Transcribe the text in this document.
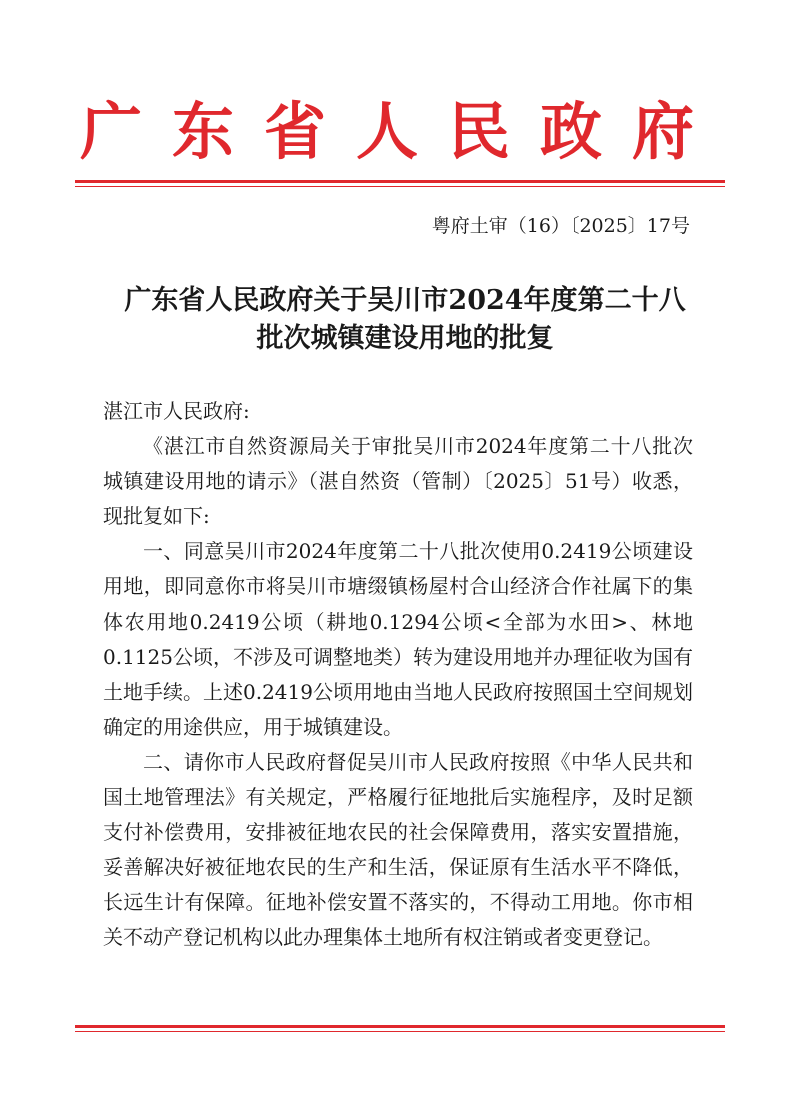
广东省人民政府
粤府土审（16）〔2025〕17号
广东省人民政府关于吴川市2024年度第二十八
批次城镇建设用地的批复

湛江市人民政府:

《湛江市自然资源局关于审批吴川市2024年度第二十八批次城镇建设用地的请示》（湛自然资（管制）〔2025〕51号）收悉，现批复如下:

一、同意吴川市2024年度第二十八批次使用0.2419公顷建设用地，即同意你市将吴川市塘缀镇杨屋村合山经济合作社属下的集体农用地0.2419公顷（耕地0.1294公顷<全部为水田>、林地0.1125公顷，不涉及可调整地类）转为建设用地并办理征收为国有土地手续。上述0.2419公顷用地由当地人民政府按照国土空间规划确定的用途供应，用于城镇建设。

二、请你市人民政府督促吴川市人民政府按照《中华人民共和国土地管理法》有关规定，严格履行征地批后实施程序，及时足额支付补偿费用，安排被征地农民的社会保障费用，落实安置措施，妥善解决好被征地农民的生产和生活，保证原有生活水平不降低，长远生计有保障。征地补偿安置不落实的，不得动工用地。你市相关不动产登记机构以此办理集体土地所有权注销或者变更登记。
